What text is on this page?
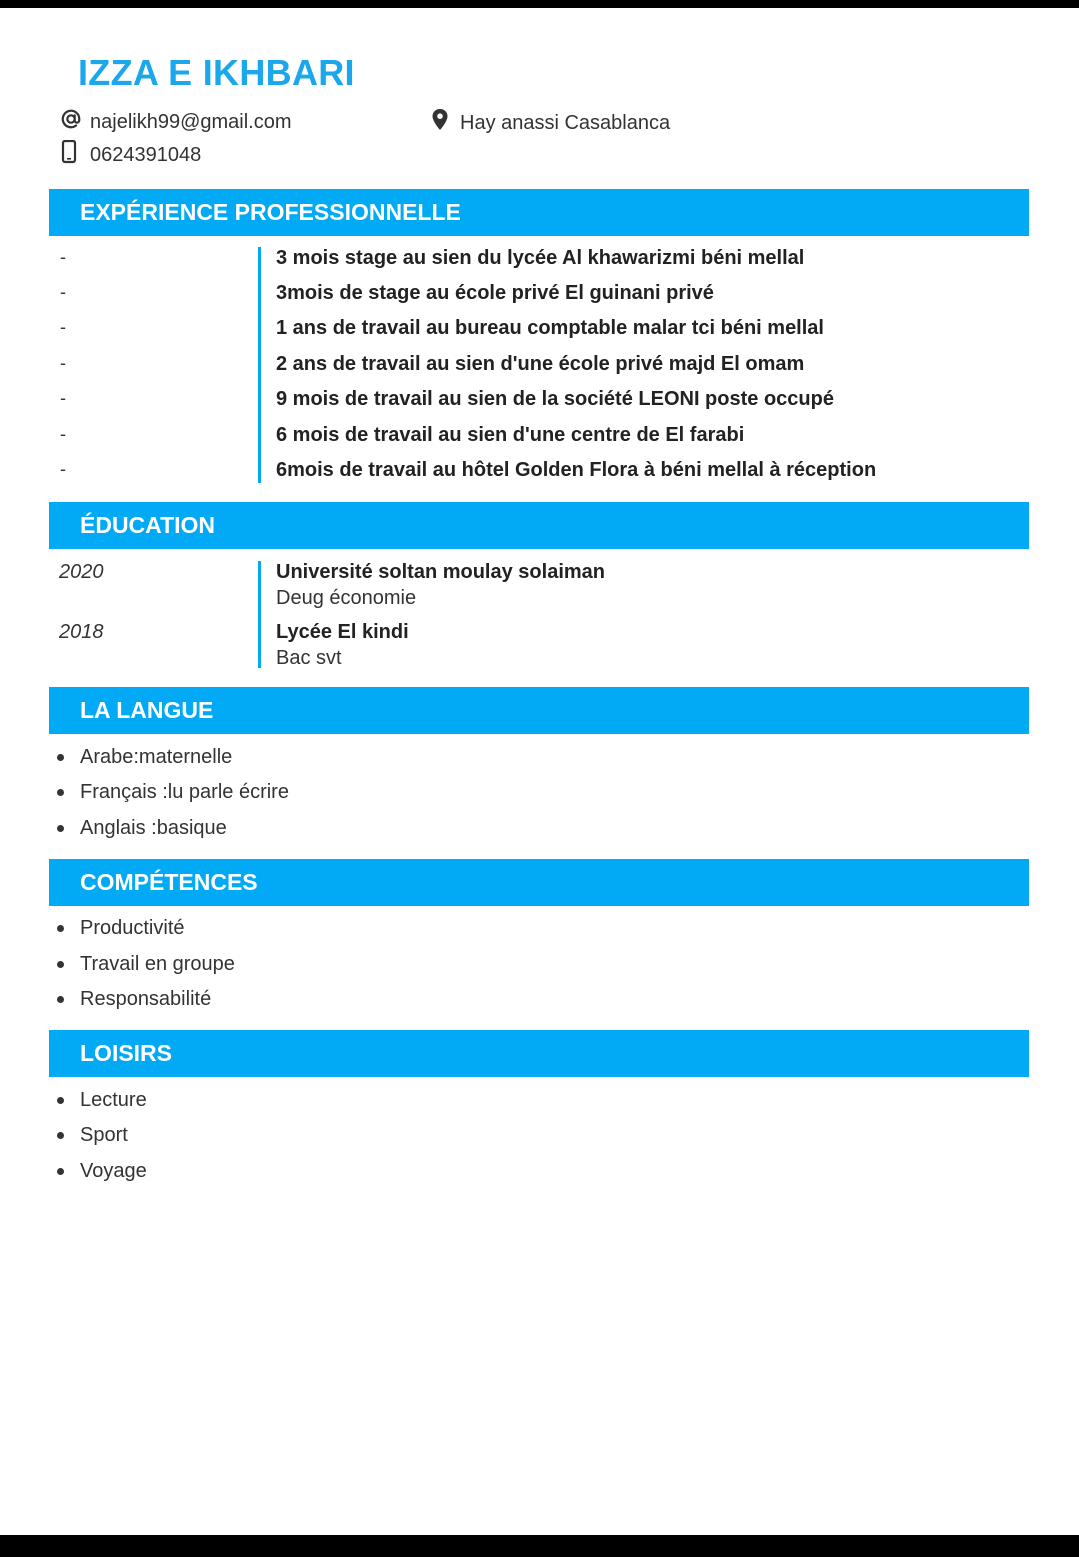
IZZA E IKHBARI
najelikh99@gmail.com
0624391048
Hay anassi Casablanca
EXPÉRIENCE PROFESSIONNELLE
-	3 mois stage au sien du lycée Al khawarizmi béni mellal
-	3mois de stage au école privé El guinani privé
-	1 ans de travail au bureau comptable malar tci béni mellal
-	2 ans de travail au sien d'une école privé majd El omam
-	9 mois de travail au sien de la société LEONI poste occupé
-	6 mois de travail au sien d'une centre de El farabi
-	6mois de travail au hôtel Golden Flora à béni mellal à réception
ÉDUCATION
2020	Université soltan moulay solaiman
Deug économie
2018	Lycée El kindi
Bac svt
LA LANGUE
Arabe:maternelle
Français :lu parle écrire
Anglais :basique
COMPÉTENCES
Productivité
Travail en groupe
Responsabilité
LOISIRS
Lecture
Sport
Voyage
